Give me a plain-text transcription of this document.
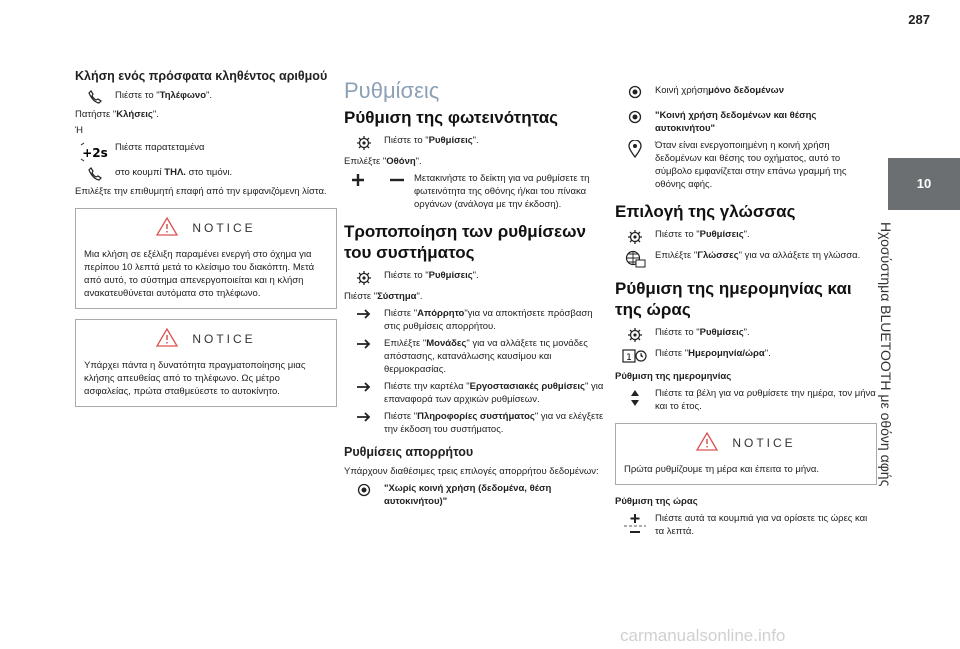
287
10
Ηχοσύστημα BLUETOOTH με οθόνη αφής
Κλήση ενός πρόσφατα κληθέντος αριθμού
Πιέστε το "Τηλέφωνο".

Πατήστε "Κλήσεις".

Ή

+2s Πιέστε παρατεταμένα
στο κουμπί ΤΗΛ. στο τιμόνι.

Επιλέξτε την επιθυμητή επαφή από την εμφανιζόμενη λίστα.

NOTICE
Μια κλήση σε εξέλιξη παραμένει ενεργή στο όχημα για περίπου 10 λεπτά μετά το κλείσιμο του διακόπτη. Μετά από αυτό, το σύστημα απενεργοποιείται και η κλήση ανακατευθύνεται αυτόματα στο τηλέφωνο.
NOTICE
Υπάρχει πάντα η δυνατότητα πραγματοποίησης μιας κλήσης απευθείας από το τηλέφωνο. Ως μέτρο ασφαλείας, πρώτα σταθμεύεστε το αυτοκίνητο.
Ρυθμίσεις
Ρύθμιση της φωτεινότητας
Πιέστε το "Ρυθμίσεις".

Επιλέξτε "Οθόνη".

Μετακινήστε το δείκτη για να ρυθμίσετε τη φωτεινότητα της οθόνης ή/και του πίνακα οργάνων (ανάλογα με την έκδοση).
Τροποποίηση των ρυθμίσεων του συστήματος
Πιέστε το "Ρυθμίσεις".

Πιέστε "Σύστημα".

Πιέστε "Απόρρητο"για να αποκτήσετε πρόσβαση στις ρυθμίσεις απορρήτου.
Επιλέξτε "Μονάδες" για να αλλάξετε τις μονάδες απόστασης, κατανάλωσης καυσίμου και θερμοκρασίας.
Πιέστε την καρτέλα "Εργοστασιακές ρυθμίσεις" για επαναφορά των αρχικών ρυθμίσεων.
Πιέστε "Πληροφορίες συστήματος" για να ελέγξετε την έκδοση του συστήματος.
Ρυθμίσεις απορρήτου

Υπάρχουν διαθέσιμες τρεις επιλογές απορρήτου δεδομένων:

"Χωρίς κοινή χρήση (δεδομένα, θέση αυτοκινήτου)"
Κοινή χρήσημόνο δεδομένων
"Κοινή χρήση δεδομένων και θέσης αυτοκινήτου"
Όταν είναι ενεργοποιημένη η κοινή χρήση δεδομένων και θέσης του οχήματος, αυτό το σύμβολο εμφανίζεται στην επάνω γραμμή της οθόνης αφής.
Επιλογή της γλώσσας
Πιέστε το "Ρυθμίσεις".
Επιλέξτε "Γλώσσες" για να αλλάξετε τη γλώσσα.
Ρύθμιση της ημερομηνίας και της ώρας
Πιέστε το "Ρυθμίσεις".
1 Πιέστε "Ημερομηνία/ώρα".
Ρύθμιση της ημερομηνίας
Πιέστε τα βέλη για να ρυθμίσετε την ημέρα, τον μήνα και το έτος.
NOTICE
Πρώτα ρυθμίζουμε τη μέρα και έπειτα το μήνα.
Ρύθμιση της ώρας
Πιέστε αυτά τα κουμπιά για να ορίσετε τις ώρες και τα λεπτά.
carmanualsonline.info
